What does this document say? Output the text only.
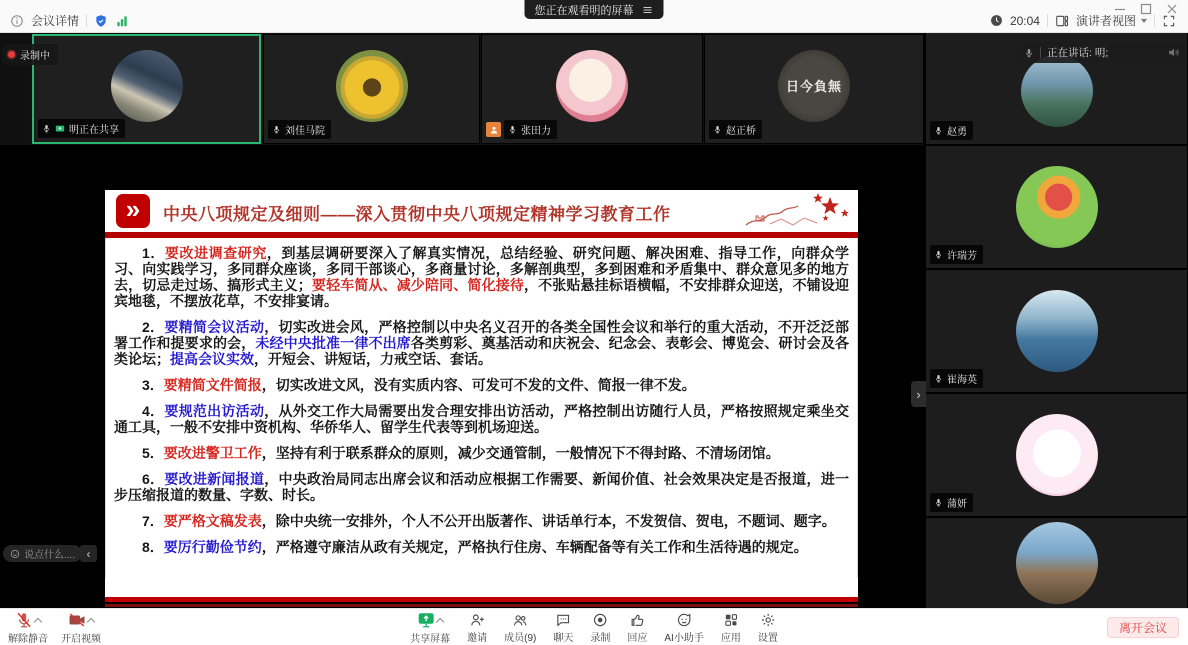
会议详情
您正在观看明的屏幕
20:04	演讲者视图
录制中
明正在共享	刘佳马院	张田力
日今負無
赵正桥
»	中央八项规定及细则——深入贯彻中央八项规定精神学习教育工作

1．要改进调查研究，到基层调研要深入了解真实情况，总结经验、研究问题、解决困难、指导工作，向群众学习、向实践学习，多同群众座谈，多同干部谈心，多商量讨论，多解剖典型，多到困难和矛盾集中、群众意见多的地方去，切忌走过场、搞形式主义；要轻车简从、减少陪同、简化接待，不张贴悬挂标语横幅，不安排群众迎送，不铺设迎宾地毯，不摆放花草，不安排宴请。

2．要精简会议活动，切实改进会风，严格控制以中央名义召开的各类全国性会议和举行的重大活动，不开泛泛部署工作和提要求的会，未经中央批准一律不出席各类剪彩、奠基活动和庆祝会、纪念会、表彰会、博览会、研讨会及各类论坛；提高会议实效，开短会、讲短话，力戒空话、套话。

3．要精简文件简报，切实改进文风，没有实质内容、可发可不发的文件、简报一律不发。

4．要规范出访活动，从外交工作大局需要出发合理安排出访活动，严格控制出访随行人员，严格按照规定乘坐交通工具，一般不安排中资机构、华侨华人、留学生代表等到机场迎送。

5．要改进警卫工作，坚持有利于联系群众的原则，减少交通管制，一般情况下不得封路、不清场闭馆。

6．要改进新闻报道，中央政治局同志出席会议和活动应根据工作需要、新闻价值、社会效果决定是否报道，进一步压缩报道的数量、字数、时长。

7．要严格文稿发表，除中央统一安排外，个人不公开出版著作、讲话单行本，不发贺信、贺电，不题词、题字。

8．要厉行勤俭节约，严格遵守廉洁从政有关规定，严格执行住房、车辆配备等有关工作和生活待遇的规定。

说点什么.... ‹
赵勇
许瑞芳
崔海英
蒲妍
正在讲话: 明;
›
解除静音 开启视频	共享屏幕 邀请 成员(9) 聊天 录制 回应 AI小助手 应用 设置
离开会议
